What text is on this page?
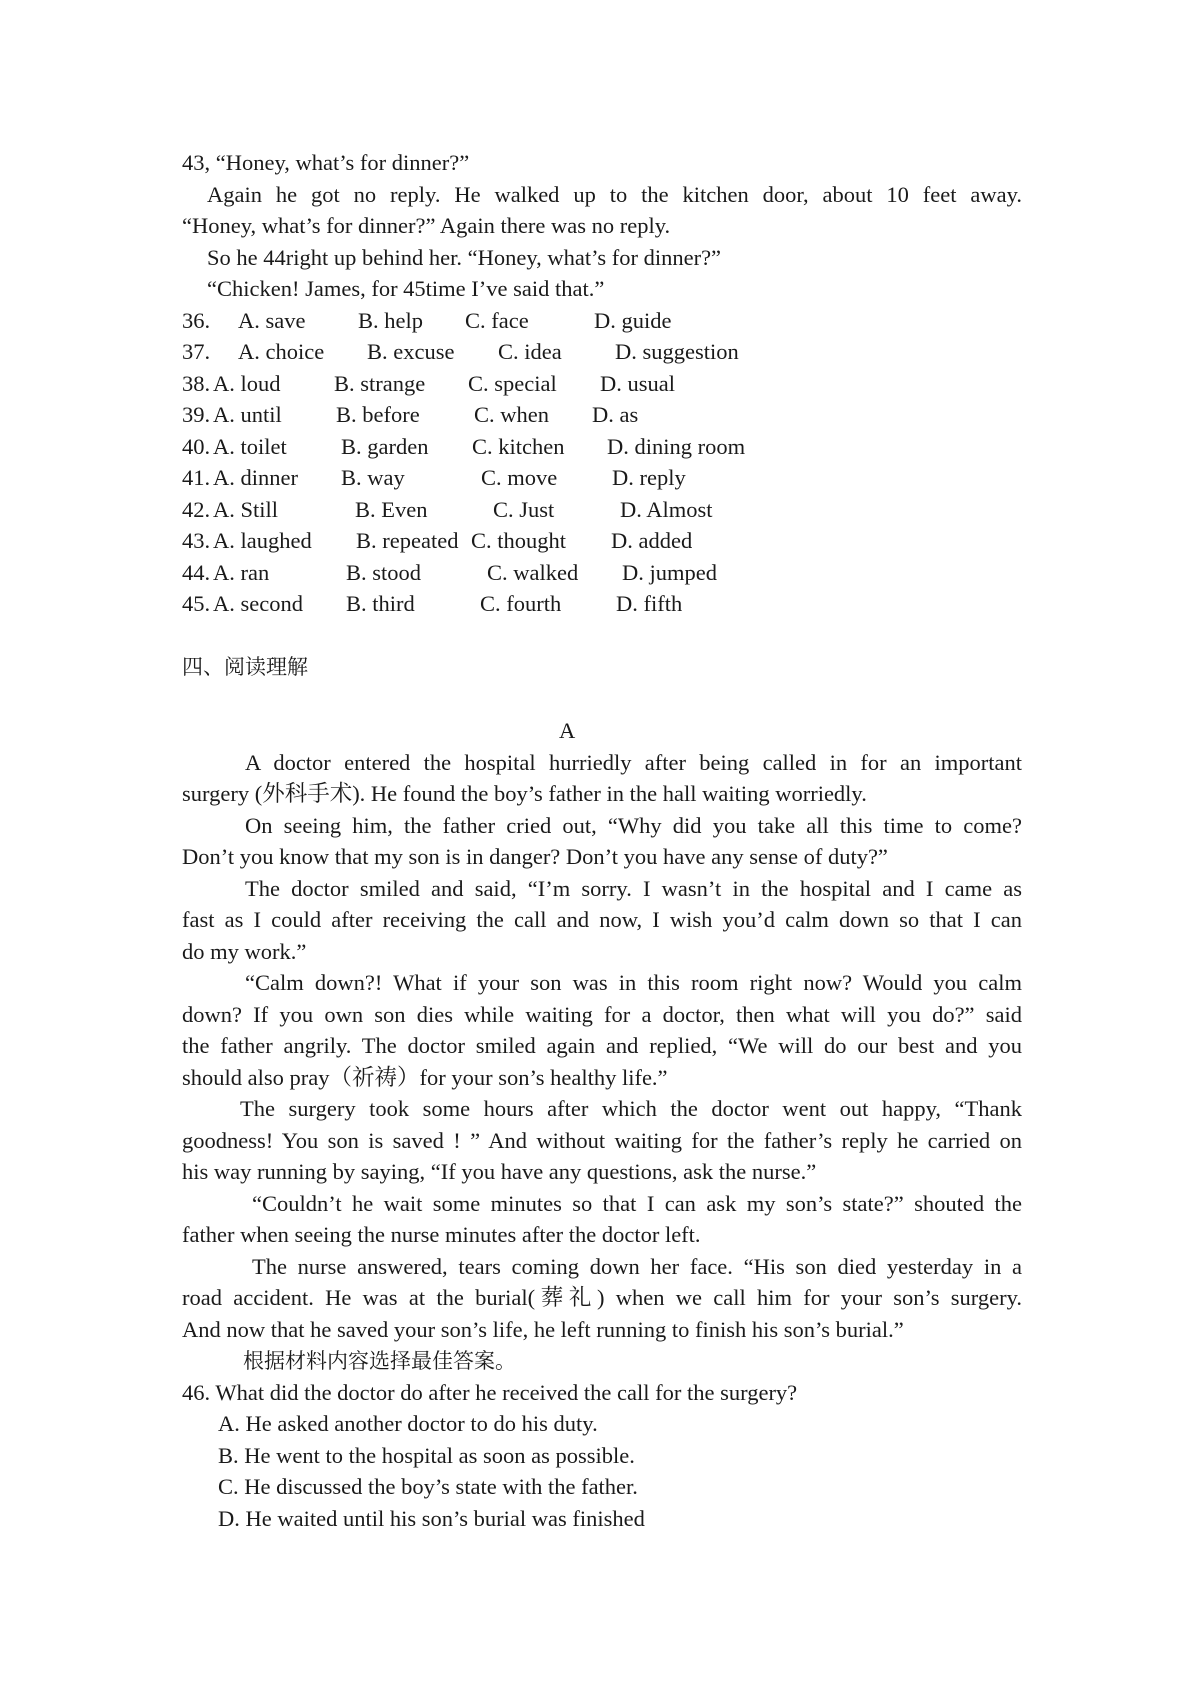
43, “Honey, what’s for dinner?”
Again he got no reply. He walked up to the kitchen door, about 10 feet away.
“Honey, what’s for dinner?” Again there was no reply.
So he 44right up behind her. “Honey, what’s for dinner?”
“Chicken! James, for 45time I’ve said that.”
36. A. save B. help C. face	D. guide
37. A. choice B. excuse C. idea D. suggestion
38. A. loud B. strange C. special D. usual
39. A. until B. before C. when D. as
40. A. toilet B. garden C. kitchen D. dining room
41. A. dinner B. way	C. move D. reply
42. A. Still	B. Even	C. Just	D. Almost
43. A. laughed B. repeated C. thought D. added
44. A. ran	B. stood	C. walked D. jumped
45. A. second B. third	C. fourth D. fifth
四、阅读理解
A
A doctor entered the hospital hurriedly after being called in for an important
surgery (外科手术). He found the boy’s father in the hall waiting worriedly.
On seeing him, the father cried out, “Why did you take all this time to come?
Don’t you know that my son is in danger? Don’t you have any sense of duty?”
The doctor smiled and said, “I’m sorry. I wasn’t in the hospital and I came as
fast as I could after receiving the call and now, I wish you’d calm down so that I can
do my work.”
“Calm down?! What if your son was in this room right now? Would you calm
down? If you own son dies while waiting for a doctor, then what will you do?” said
the father angrily. The doctor smiled again and replied, “We will do our best and you
should also pray（祈祷）for your son’s healthy life.”
The surgery took some hours after which the doctor went out happy, “Thank
goodness! You son is saved ! ” And without waiting for the father’s reply he carried on
his way running by saying, “If you have any questions, ask the nurse.”
“Couldn’t he wait some minutes so that I can ask my son’s state?” shouted the
father when seeing the nurse minutes after the doctor left.
The nurse answered, tears coming down her face. “His son died yesterday in a
road accident. He was at the burial(葬礼) when we call him for your son’s surgery.
And now that he saved your son’s life, he left running to finish his son’s burial.”
根据材料内容选择最佳答案。
46. What did the doctor do after he received the call for the surgery?
A. He asked another doctor to do his duty.
B. He went to the hospital as soon as possible.
C. He discussed the boy’s state with the father.
D. He waited until his son’s burial was finished
